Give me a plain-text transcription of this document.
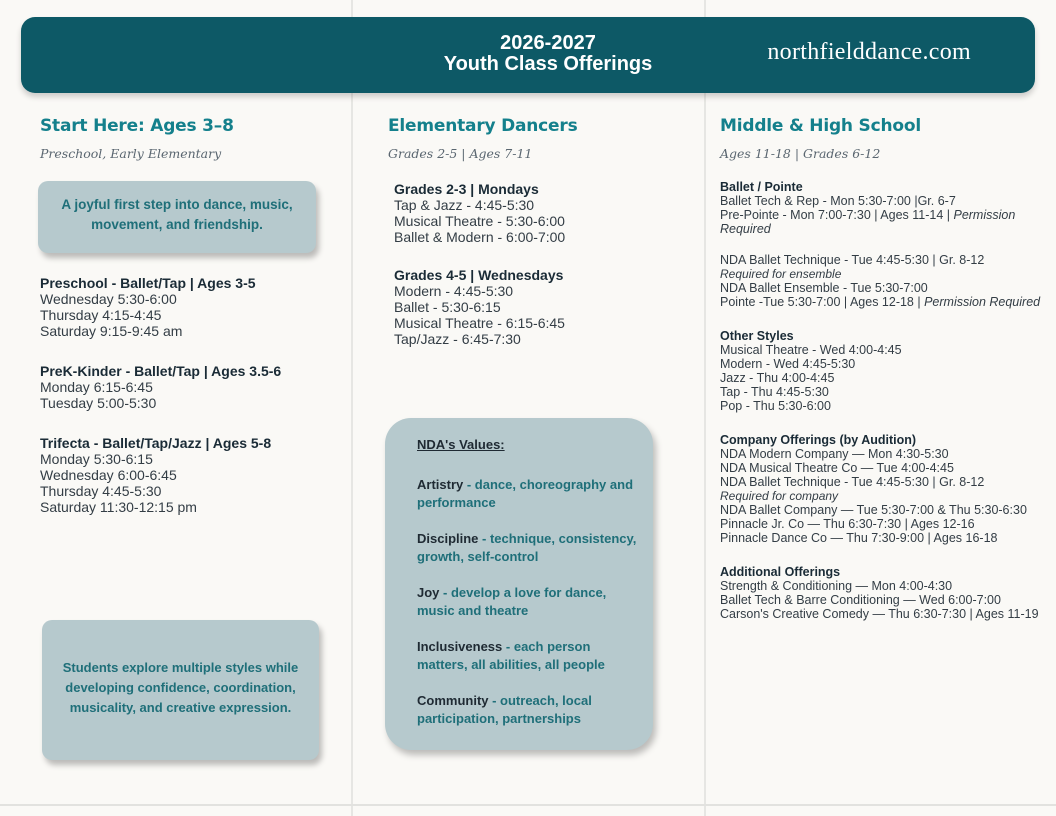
2026-2027
Youth Class Offerings	northfielddance.com
Start Here: Ages 3–8
Preschool, Early Elementary
A joyful first step into dance, music, movement, and friendship.
Preschool - Ballet/Tap | Ages 3-5
Wednesday 5:30-6:00
Thursday 4:15-4:45
Saturday 9:15-9:45 am
PreK-Kinder - Ballet/Tap | Ages 3.5-6
Monday 6:15-6:45
Tuesday 5:00-5:30
Trifecta - Ballet/Tap/Jazz | Ages 5-8
Monday 5:30-6:15
Wednesday 6:00-6:45
Thursday 4:45-5:30
Saturday 11:30-12:15 pm
Students explore multiple styles while developing confidence, coordination, musicality, and creative expression.
Elementary Dancers
Grades 2-5 | Ages 7-11
Grades 2-3 | Mondays
Tap & Jazz - 4:45-5:30
Musical Theatre - 5:30-6:00
Ballet & Modern - 6:00-7:00
Grades 4-5 | Wednesdays
Modern - 4:45-5:30
Ballet - 5:30-6:15
Musical Theatre - 6:15-6:45
Tap/Jazz - 6:45-7:30
NDA's Values:
Artistry - dance, choreography and performance
Discipline - technique, consistency, growth, self-control
Joy - develop a love for dance, music and theatre
Inclusiveness - each person matters, all abilities, all people
Community - outreach, local participation, partnerships
Middle & High School
Ages 11-18 | Grades 6-12
Ballet / Pointe
Ballet Tech & Rep - Mon 5:30-7:00 |Gr. 6-7
Pre-Pointe - Mon 7:00-7:30 | Ages 11-14 | Permission
Required
NDA Ballet Technique - Tue 4:45-5:30 | Gr. 8-12
Required for ensemble
NDA Ballet Ensemble - Tue 5:30-7:00
Pointe -Tue 5:30-7:00 | Ages 12-18 | Permission Required
Other Styles
Musical Theatre - Wed 4:00-4:45
Modern - Wed 4:45-5:30
Jazz - Thu 4:00-4:45
Tap - Thu 4:45-5:30
Pop - Thu 5:30-6:00
Company Offerings (by Audition)
NDA Modern Company — Mon 4:30-5:30
NDA Musical Theatre Co — Tue 4:00-4:45
NDA Ballet Technique - Tue 4:45-5:30 | Gr. 8-12
Required for company
NDA Ballet Company — Tue 5:30-7:00 & Thu 5:30-6:30
Pinnacle Jr. Co — Thu 6:30-7:30 | Ages 12-16
Pinnacle Dance Co — Thu 7:30-9:00 | Ages 16-18
Additional Offerings
Strength & Conditioning — Mon 4:00-4:30
Ballet Tech & Barre Conditioning — Wed 6:00-7:00
Carson's Creative Comedy — Thu 6:30-7:30 | Ages 11-19
